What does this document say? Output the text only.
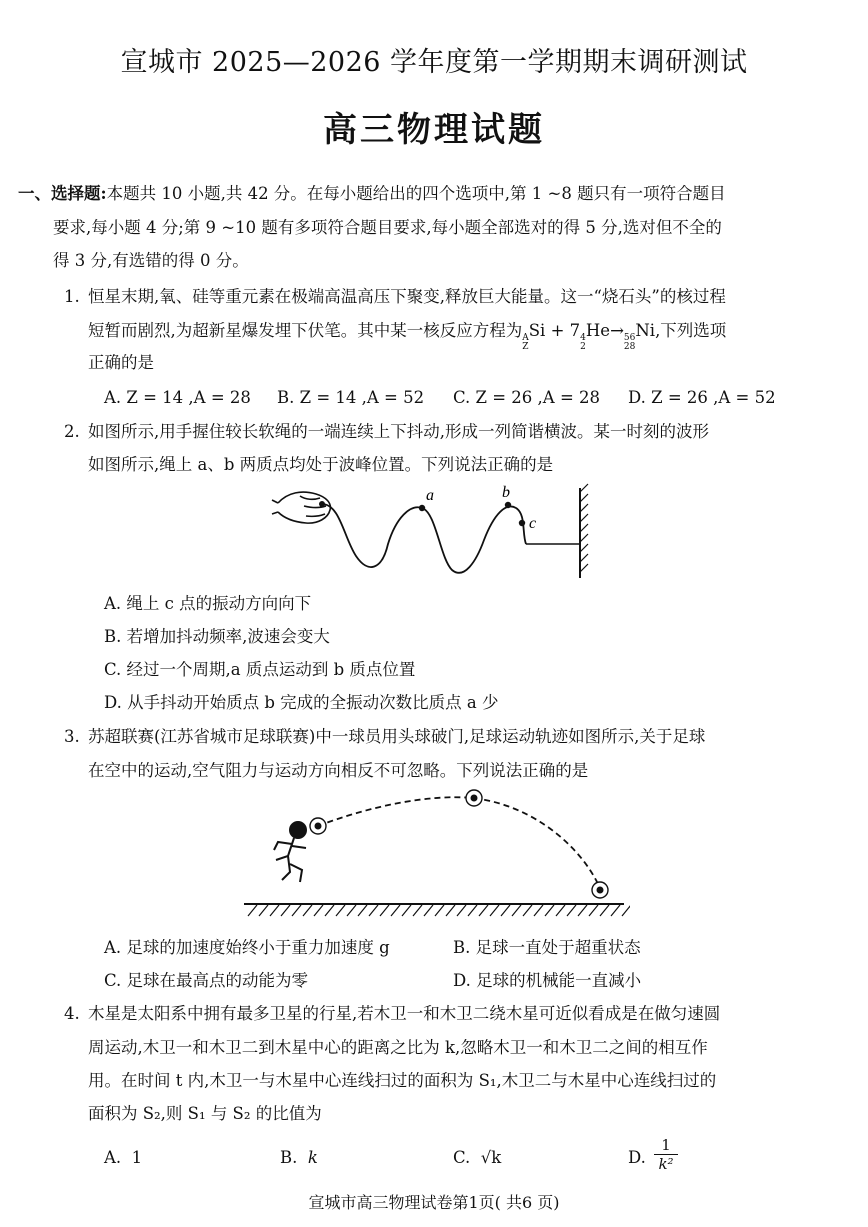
宣城市 2025—2026 学年度第一学期期末调研测试
高三物理试题
一、选择题:本题共 10 小题,共 42 分。在每小题给出的四个选项中,第 1 ~8 题只有一项符合题目
要求,每小题 4 分;第 9 ~10 题有多项符合题目要求,每小题全部选对的得 5 分,选对但不全的
得 3 分,有选错的得 0 分。
1. 恒星末期,氧、硅等重元素在极端高温高压下聚变,释放巨大能量。这一“烧石头”的核过程
短暂而剧烈,为超新星爆发埋下伏笔。其中某一核反应方程为 A
Z
Si + 7 4
2
He→ 56
28
Ni,下列选项
正确的是
A. Z = 14 ,A = 28 B. Z = 14 ,A = 52 C. Z = 26 ,A = 28 D. Z = 26 ,A = 52
2. 如图所示,用手握住较长软绳的一端连续上下抖动,形成一列简谐横波。某一时刻的波形
如图所示,绳上 a、b 两质点均处于波峰位置。下列说法正确的是
a	b
c
A. 绳上 c 点的振动方向向下
B. 若增加抖动频率,波速会变大
C. 经过一个周期,a 质点运动到 b 质点位置
D. 从手抖动开始质点 b 完成的全振动次数比质点 a 少
3. 苏超联赛(江苏省城市足球联赛)中一球员用头球破门,足球运动轨迹如图所示,关于足球
在空中的运动,空气阻力与运动方向相反不可忽略。下列说法正确的是
A. 足球的加速度始终小于重力加速度 g	B. 足球一直处于超重状态
C. 足球在最高点的动能为零	D. 足球的机械能一直减小
4. 木星是太阳系中拥有最多卫星的行星,若木卫一和木卫二绕木星可近似看成是在做匀速圆
周运动,木卫一和木卫二到木星中心的距离之比为 k,忽略木卫一和木卫二之间的相互作
用。在时间 t 内,木卫一与木星中心连线扫过的面积为 S₁,木卫二与木星中心连线扫过的
面积为 S₂,则 S₁ 与 S₂ 的比值为
A. 1	B. k	C. √k	D. $\frac{1}{\text{k²}}$
宣城市高三物理试卷第1页( 共6 页)
